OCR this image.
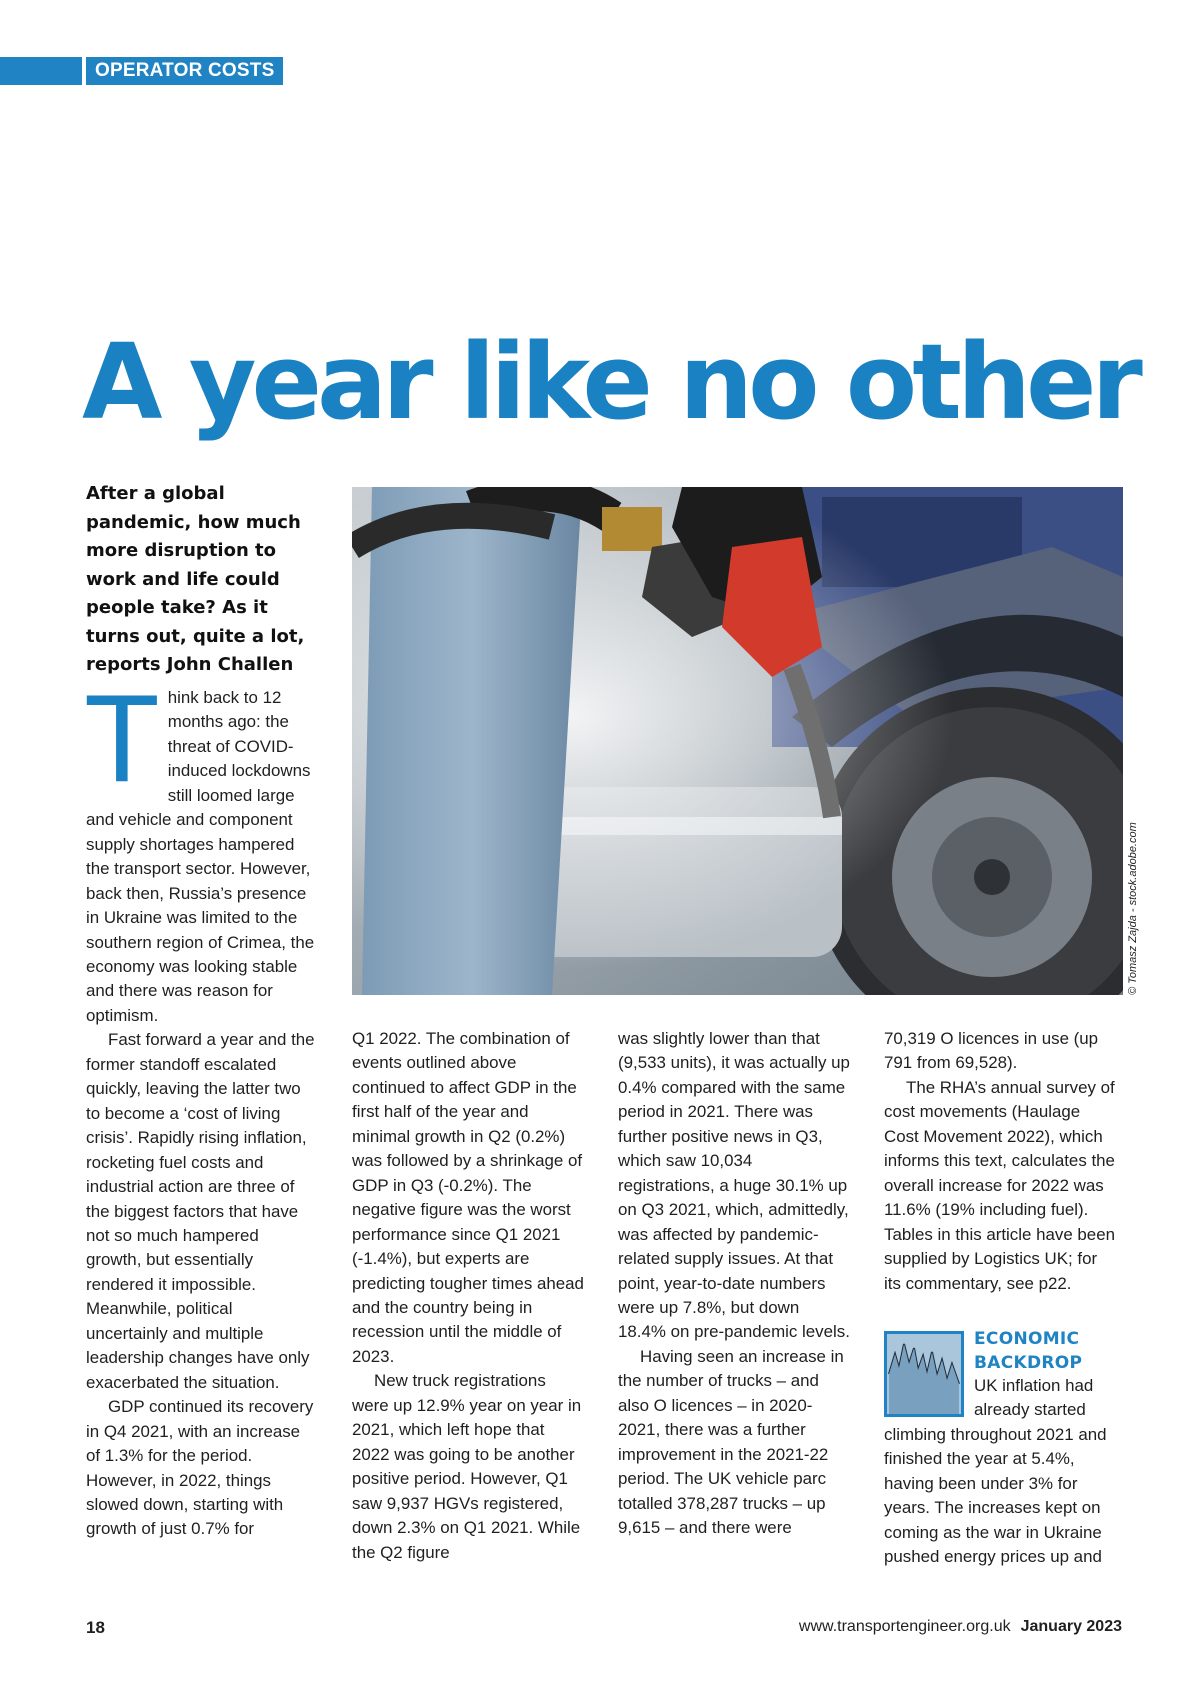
OPERATOR COSTS
A year like no other
After a global pandemic, how much more disruption to work and life could people take? As it turns out, quite a lot, reports John Challen
© Tomasz Zajda - stock.adobe.com
T hink back to 12 months ago: the threat of COVID-induced lockdowns still loomed large and vehicle and component supply shortages hampered the transport sector. However, back then, Russia’s presence in Ukraine was limited to the southern region of Crimea, the economy was looking stable and there was reason for optimism.

Fast forward a year and the former standoff escalated quickly, leaving the latter two to become a ‘cost of living crisis’. Rapidly rising inflation, rocketing fuel costs and industrial action are three of the biggest factors that have not so much hampered growth, but essentially rendered it impossible. Meanwhile, political uncertainly and multiple leadership changes have only exacerbated the situation.

GDP continued its recovery in Q4 2021, with an increase of 1.3% for the period. However, in 2022, things slowed down, starting with growth of just 0.7% for

Q1 2022. The combination of events outlined above continued to affect GDP in the first half of the year and minimal growth in Q2 (0.2%) was followed by a shrinkage of GDP in Q3 (-0.2%). The negative figure was the worst performance since Q1 2021 (-1.4%), but experts are predicting tougher times ahead and the country being in recession until the middle of 2023.

New truck registrations were up 12.9% year on year in 2021, which left hope that 2022 was going to be another positive period. However, Q1 saw 9,937 HGVs registered, down 2.3% on Q1 2021. While the Q2 figure

was slightly lower than that (9,533 units), it was actually up 0.4% compared with the same period in 2021. There was further positive news in Q3, which saw 10,034 registrations, a huge 30.1% up on Q3 2021, which, admittedly, was affected by pandemic-related supply issues. At that point, year-to-date numbers were up 7.8%, but down 18.4% on pre-pandemic levels.

Having seen an increase in the number of trucks – and also O licences – in 2020-2021, there was a further improvement in the 2021-22 period. The UK vehicle parc totalled 378,287 trucks – up 9,615 – and there were

70,319 O licences in use (up 791 from 69,528).

The RHA’s annual survey of cost movements (Haulage Cost Movement 2022), which informs this text, calculates the overall increase for 2022 was 11.6% (19% including fuel). Tables in this article have been supplied by Logistics UK; for its commentary, see p22.

ECONOMIC
BACKDROP

UK inflation had already started climbing throughout 2021 and finished the year at 5.4%, having been under 3% for years. The increases kept on coming as the war in Ukraine pushed energy prices up and

18	www.transportengineer.org.uk January 2023
